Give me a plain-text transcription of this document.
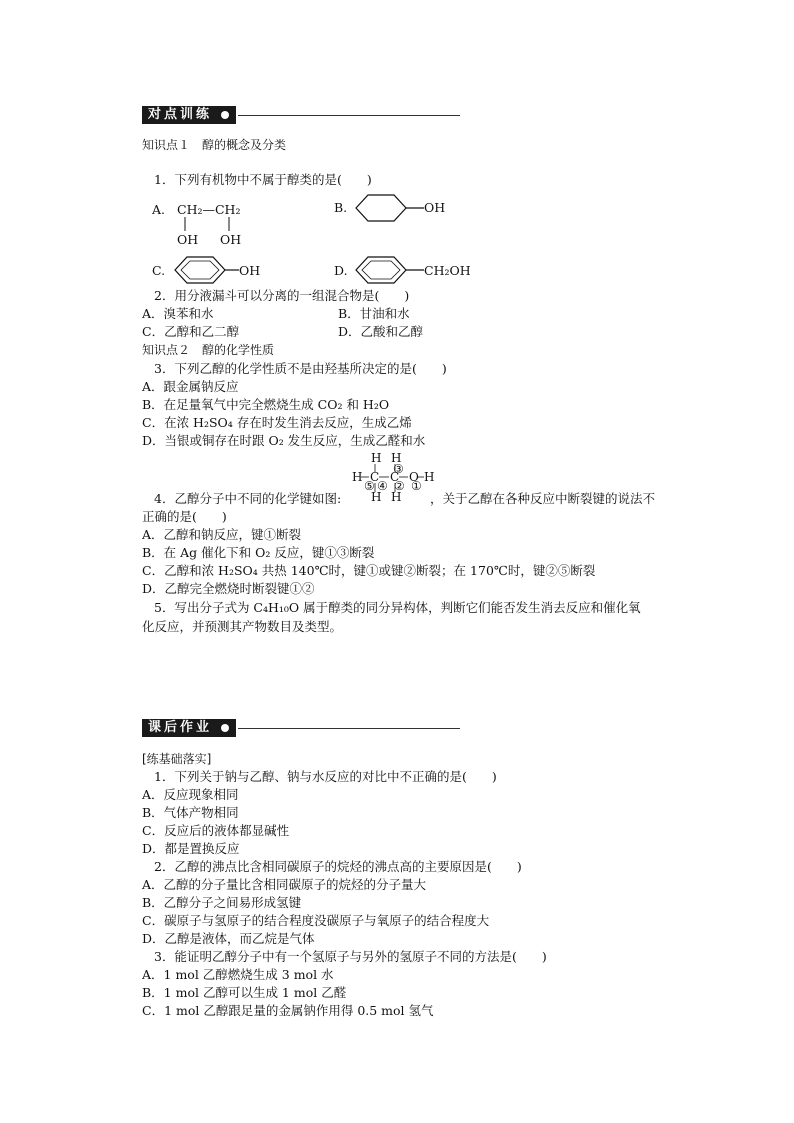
对点训练
知识点１　醇的概念及分类
1．下列有机物中不属于醇类的是(　　)
A. CH₂—CH₂
OH OH
B.	OH
C.	OH	D.	CH₂OH
2．用分液漏斗可以分离的一组混合物是(　　)
A．溴苯和水	B．甘油和水
C．乙醇和乙二醇	D．乙酸和乙醇
知识点２　醇的化学性质
3．下列乙醇的化学性质不是由羟基所决定的是(　　)
A．跟金属钠反应
B．在足量氧气中完全燃烧生成 CO₂ 和 H₂O
C．在浓 H₂SO₄ 存在时发生消去反应，生成乙烯
D．当银或铜存在时跟 O₂ 发生反应，生成乙醛和水
4．乙醇分子中不同的化学键如图:
H H
③
H C C O H
⑤ ④ ② ①
H H ，关于乙醇在各种反应中断裂键的说法不
正确的是(　　)
A．乙醇和钠反应，键①断裂
B．在 Ag 催化下和 O₂ 反应，键①③断裂
C．乙醇和浓 H₂SO₄ 共热 140℃时，键①或键②断裂；在 170℃时，键②⑤断裂
D．乙醇完全燃烧时断裂键①②
5．写出分子式为 C₄H₁₀O 属于醇类的同分异构体，判断它们能否发生消去反应和催化氧
化反应，并预测其产物数目及类型。
课后作业
[练基础落实]
1．下列关于钠与乙醇、钠与水反应的对比中不正确的是(　　)
A．反应现象相同
B．气体产物相同
C．反应后的液体都显碱性
D．都是置换反应
2．乙醇的沸点比含相同碳原子的烷烃的沸点高的主要原因是(　　)
A．乙醇的分子量比含相同碳原子的烷烃的分子量大
B．乙醇分子之间易形成氢键
C．碳原子与氢原子的结合程度没碳原子与氧原子的结合程度大
D．乙醇是液体，而乙烷是气体
3．能证明乙醇分子中有一个氢原子与另外的氢原子不同的方法是(　　)
A．1 mol 乙醇燃烧生成 3 mol 水
B．1 mol 乙醇可以生成 1 mol 乙醛
C．1 mol 乙醇跟足量的金属钠作用得 0.5 mol 氢气
